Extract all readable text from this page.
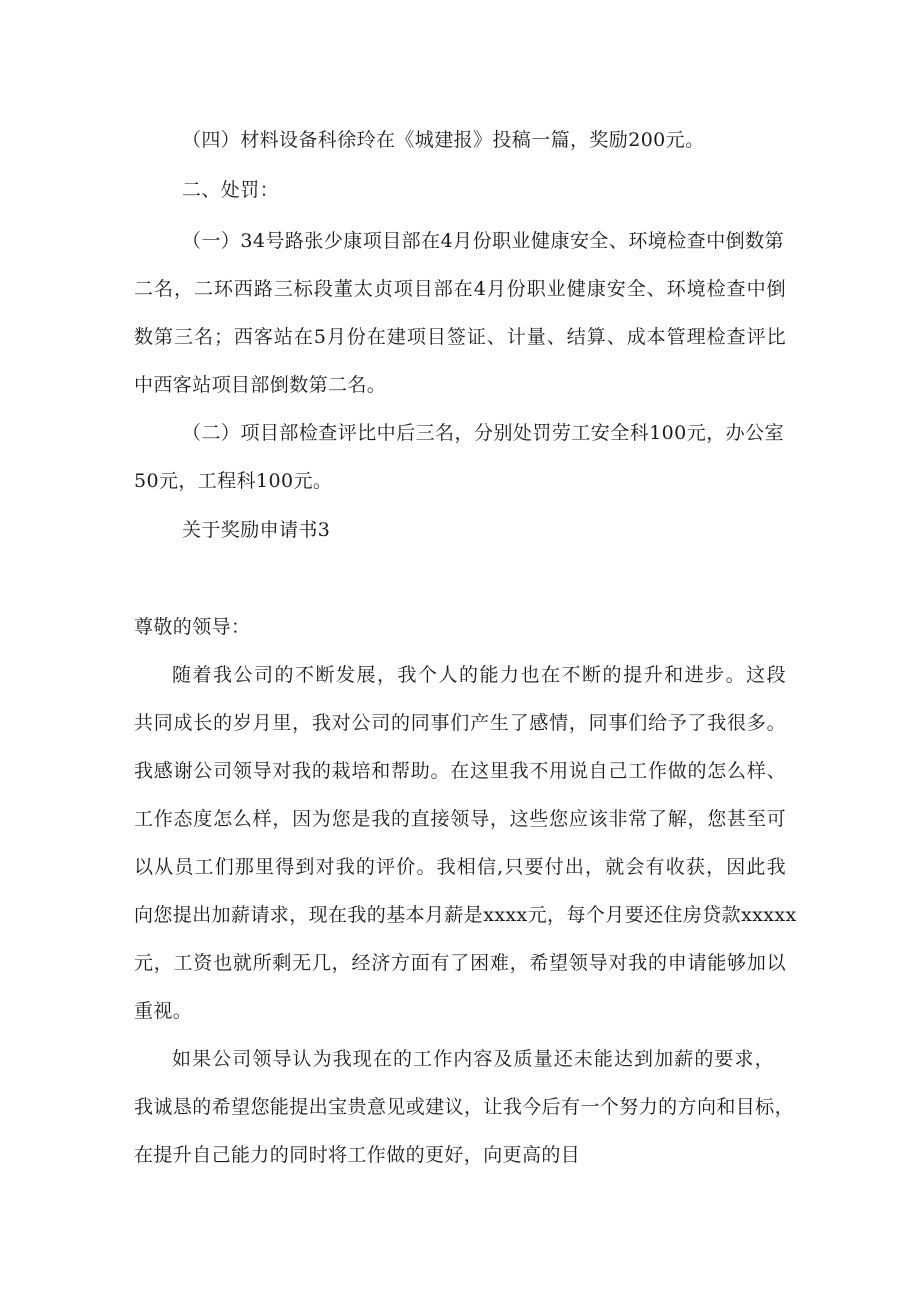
（四）材料设备科徐玲在《城建报》投稿一篇，奖励200元。
二、处罚：
（一）34号路张少康项目部在4月份职业健康安全、环境检查中倒数第
二名，二环西路三标段董太贞项目部在4月份职业健康安全、环境检查中倒
数第三名；西客站在5月份在建项目签证、计量、结算、成本管理检查评比
中西客站项目部倒数第二名。
（二）项目部检查评比中后三名，分别处罚劳工安全科100元，办公室
50元，工程科100元。
关于奖励申请书3
尊敬的领导：
随着我公司的不断发展，我个人的能力也在不断的提升和进步。这段
共同成长的岁月里，我对公司的同事们产生了感情，同事们给予了我很多。
我感谢公司领导对我的栽培和帮助。在这里我不用说自己工作做的怎么样、
工作态度怎么样，因为您是我的直接领导，这些您应该非常了解，您甚至可
以从员工们那里得到对我的评价。我相信,只要付出，就会有收获，因此我
向您提出加薪请求，现在我的基本月薪是xxxx元，每个月要还住房贷款xxxxx
元，工资也就所剩无几，经济方面有了困难，希望领导对我的申请能够加以
重视。
如果公司领导认为我现在的工作内容及质量还未能达到加薪的要求，
我诚恳的希望您能提出宝贵意见或建议，让我今后有一个努力的方向和目标，
在提升自己能力的同时将工作做的更好，向更高的目
